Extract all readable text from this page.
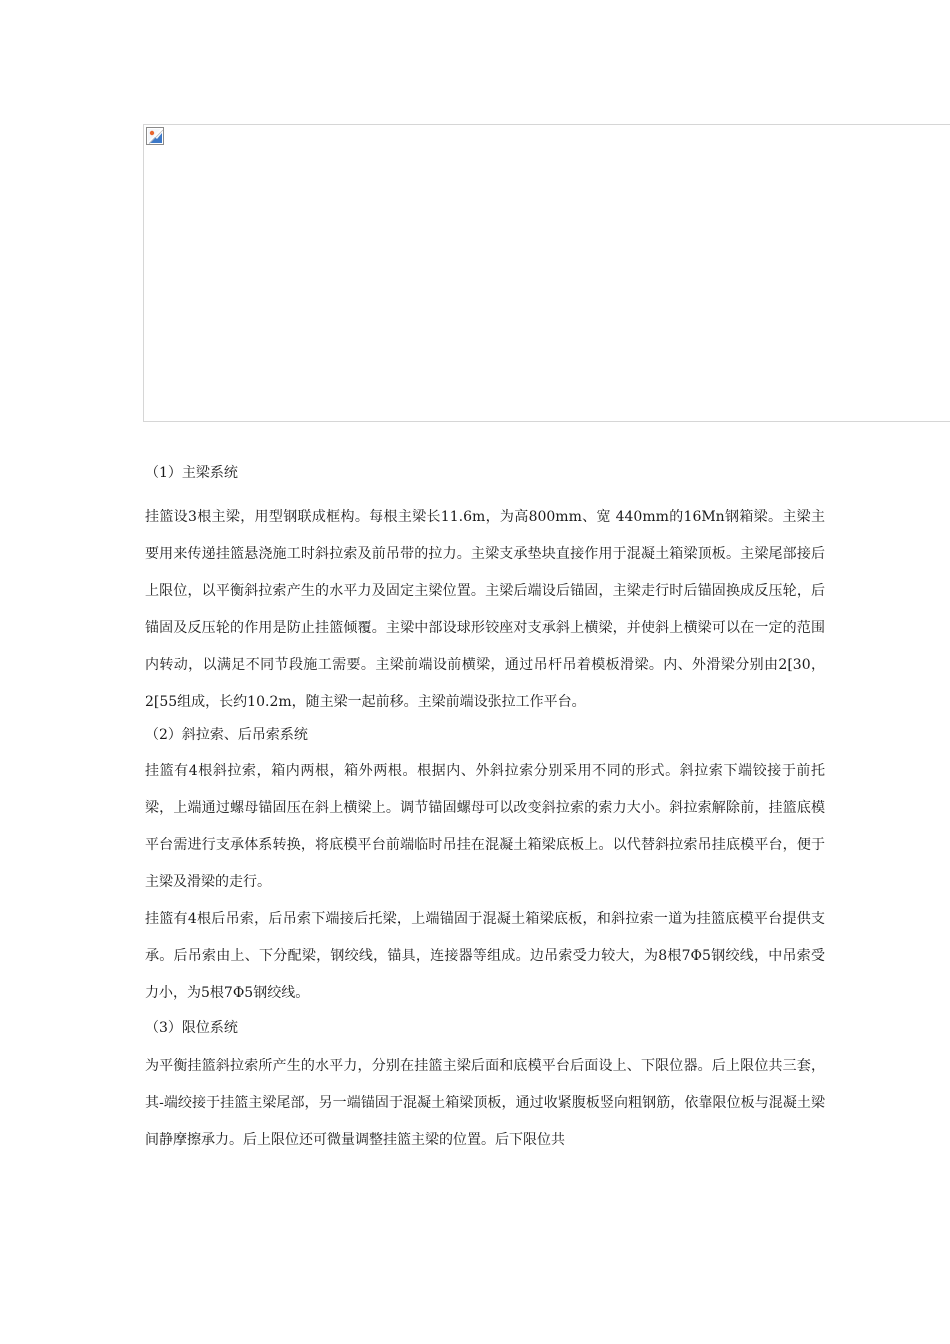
（1）主梁系统

挂篮设3根主梁，用型钢联成框构。每根主梁长11.6m，为高800mm、宽 440mm的16Mn钢箱梁。主梁主要用来传递挂篮悬浇施工时斜拉索及前吊带的拉力。主梁支承垫块直接作用于混凝土箱梁顶板。主梁尾部接后上限位，以平衡斜拉索产生的水平力及固定主梁位置。主梁后端设后锚固，主梁走行时后锚固换成反压轮，后锚固及反压轮的作用是防止挂篮倾覆。主梁中部设球形铰座对支承斜上横梁，并使斜上横梁可以在一定的范围内转动，以满足不同节段施工需要。主梁前端设前横梁，通过吊杆吊着模板滑梁。内、外滑梁分别由2[30，2[55组成，长约10.2m，随主梁一起前移。主梁前端设张拉工作平台。

（2）斜拉索、后吊索系统

挂篮有4根斜拉索，箱内两根，箱外两根。根据内、外斜拉索分别采用不同的形式。斜拉索下端铰接于前托梁，上端通过螺母锚固压在斜上横梁上。调节锚固螺母可以改变斜拉索的索力大小。斜拉索解除前，挂篮底模平台需进行支承体系转换，将底模平台前端临时吊挂在混凝土箱梁底板上。以代替斜拉索吊挂底模平台，便于主梁及滑梁的走行。

挂篮有4根后吊索，后吊索下端接后托梁，上端锚固于混凝土箱梁底板，和斜拉索一道为挂篮底模平台提供支承。后吊索由上、下分配梁，钢绞线，锚具，连接器等组成。边吊索受力较大，为8根7Φ5钢绞线，中吊索受力小，为5根7Φ5钢绞线。

（3）限位系统

为平衡挂篮斜拉索所产生的水平力，分别在挂篮主梁后面和底模平台后面设上、下限位器。后上限位共三套，其-端绞接于挂篮主梁尾部，另一端锚固于混凝土箱梁顶板，通过收紧腹板竖向粗钢筋，依靠限位板与混凝土梁间静摩擦承力。后上限位还可微量调整挂篮主梁的位置。后下限位共
